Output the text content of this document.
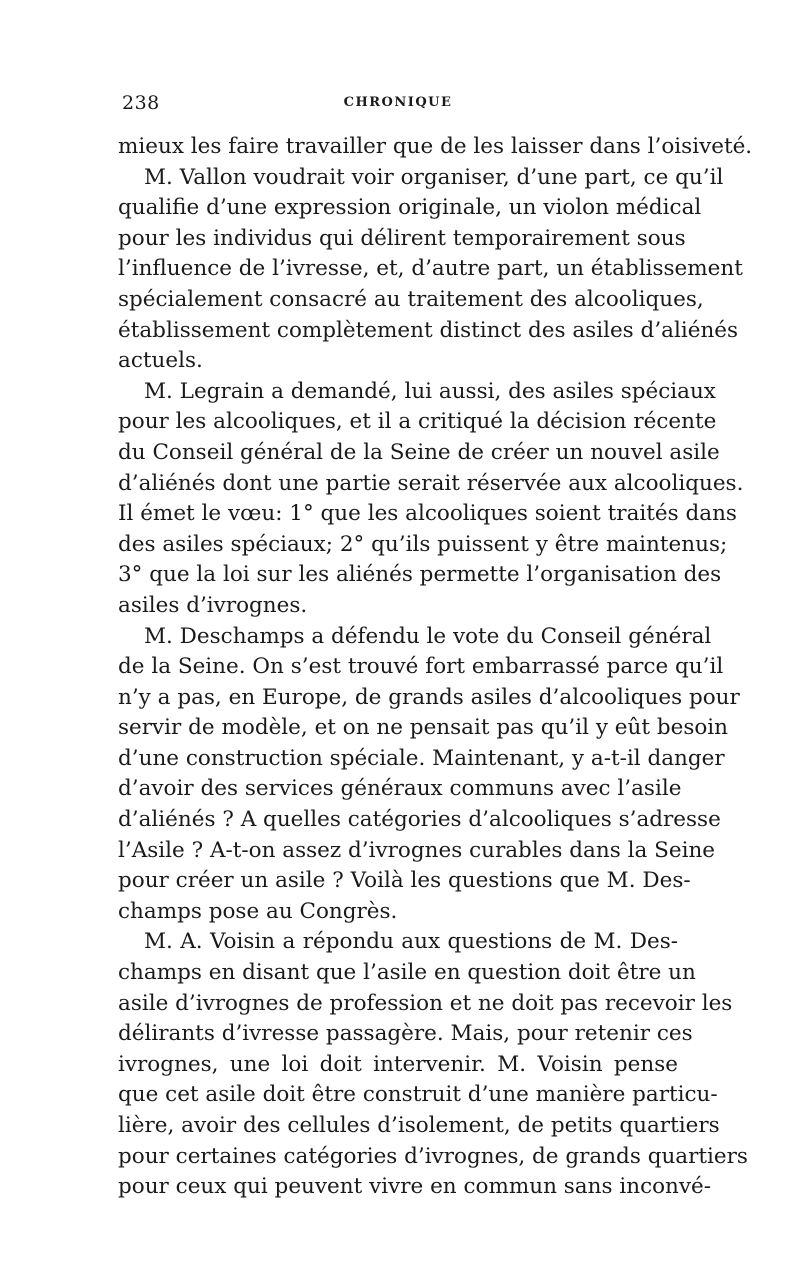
238	CHRONIQUE
mieux les faire travailler que de les laisser dans l’oisiveté.
M. Vallon voudrait voir organiser, d’une part, ce qu’il
qualifie d’une expression originale, un violon médical
pour les individus qui délirent temporairement sous
l’influence de l’ivresse, et, d’autre part, un établissement
spécialement consacré au traitement des alcooliques,
établissement complètement distinct des asiles d’aliénés
actuels.
M. Legrain a demandé, lui aussi, des asiles spéciaux
pour les alcooliques, et il a critiqué la décision récente
du Conseil général de la Seine de créer un nouvel asile
d’aliénés dont une partie serait réservée aux alcooliques.
Il émet le vœu: 1° que les alcooliques soient traités dans
des asiles spéciaux; 2° qu’ils puissent y être maintenus;
3° que la loi sur les aliénés permette l’organisation des
asiles d’ivrognes.
M. Deschamps a défendu le vote du Conseil général
de la Seine. On s’est trouvé fort embarrassé parce qu’il
n’y a pas, en Europe, de grands asiles d’alcooliques pour
servir de modèle, et on ne pensait pas qu’il y eût besoin
d’une construction spéciale. Maintenant, y a-t-il danger
d’avoir des services généraux communs avec l’asile
d’aliénés ? A quelles catégories d’alcooliques s’adresse
l’Asile ? A-t-on assez d’ivrognes curables dans la Seine
pour créer un asile ? Voilà les questions que M. Des-
champs pose au Congrès.
M. A. Voisin a répondu aux questions de M. Des-
champs en disant que l’asile en question doit être un
asile d’ivrognes de profession et ne doit pas recevoir les
délirants d’ivresse passagère. Mais, pour retenir ces
ivrognes, une loi doit intervenir. M. Voisin pense
que cet asile doit être construit d’une manière particu-
lière, avoir des cellules d’isolement, de petits quartiers
pour certaines catégories d’ivrognes, de grands quartiers
pour ceux qui peuvent vivre en commun sans inconvé-
